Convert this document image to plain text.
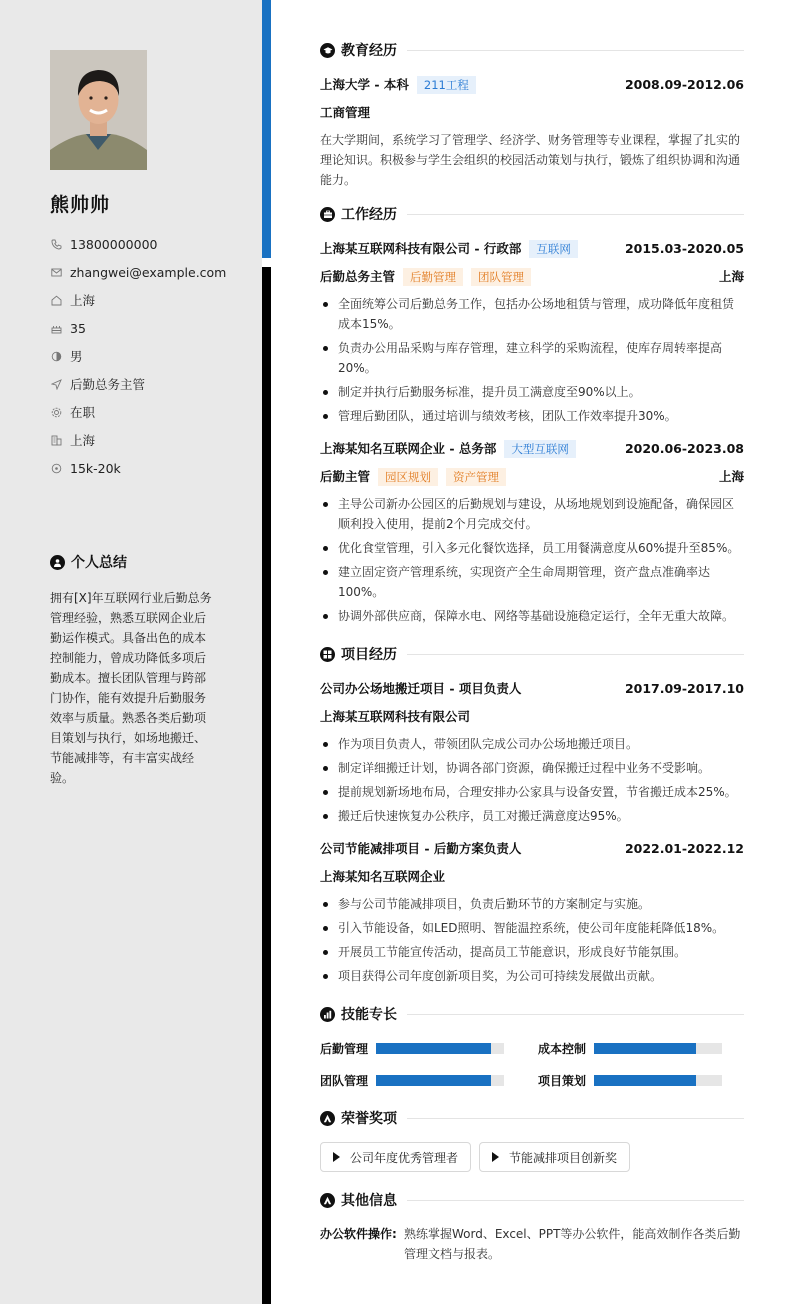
熊帅帅
13800000000
zhangwei@example.com
上海
35
男
后勤总务主管
在职
上海
15k-20k
个人总结
拥有[X]年互联网行业后勤总务管理经验，熟悉互联网企业后勤运作模式。具备出色的成本控制能力，曾成功降低多项后勤成本。擅长团队管理与跨部门协作，能有效提升后勤服务效率与质量。熟悉各类后勤项目策划与执行，如场地搬迁、节能减排等，有丰富实战经验。
教育经历
上海大学 - 本科 211工程	2008.09-2012.06
工商管理
在大学期间，系统学习了管理学、经济学、财务管理等专业课程，掌握了扎实的理论知识。积极参与学生会组织的校园活动策划与执行，锻炼了组织协调和沟通能力。
工作经历
上海某互联网科技有限公司 - 行政部 互联网	2015.03-2020.05
后勤总务主管 后勤管理 团队管理	上海
全面统筹公司后勤总务工作，包括办公场地租赁与管理，成功降低年度租赁成本15%。
负责办公用品采购与库存管理，建立科学的采购流程，使库存周转率提高20%。
制定并执行后勤服务标准，提升员工满意度至90%以上。
管理后勤团队，通过培训与绩效考核，团队工作效率提升30%。
上海某知名互联网企业 - 总务部 大型互联网	2020.06-2023.08
后勤主管 园区规划 资产管理	上海
主导公司新办公园区的后勤规划与建设，从场地规划到设施配备，确保园区顺利投入使用，提前2个月完成交付。
优化食堂管理，引入多元化餐饮选择，员工用餐满意度从60%提升至85%。
建立固定资产管理系统，实现资产全生命周期管理，资产盘点准确率达100%。
协调外部供应商，保障水电、网络等基础设施稳定运行，全年无重大故障。
项目经历
公司办公场地搬迁项目 - 项目负责人	2017.09-2017.10
上海某互联网科技有限公司
作为项目负责人，带领团队完成公司办公场地搬迁项目。
制定详细搬迁计划，协调各部门资源，确保搬迁过程中业务不受影响。
提前规划新场地布局，合理安排办公家具与设备安置，节省搬迁成本25%。
搬迁后快速恢复办公秩序，员工对搬迁满意度达95%。
公司节能减排项目 - 后勤方案负责人	2022.01-2022.12
上海某知名互联网企业
参与公司节能减排项目，负责后勤环节的方案制定与实施。
引入节能设备，如LED照明、智能温控系统，使公司年度能耗降低18%。
开展员工节能宣传活动，提高员工节能意识，形成良好节能氛围。
项目获得公司年度创新项目奖，为公司可持续发展做出贡献。
技能专长
后勤管理	成本控制
团队管理	项目策划
荣誉奖项
公司年度优秀管理者	节能减排项目创新奖
其他信息
办公软件操作: 熟练掌握Word、Excel、PPT等办公软件，能高效制作各类后勤管理文档与报表。
